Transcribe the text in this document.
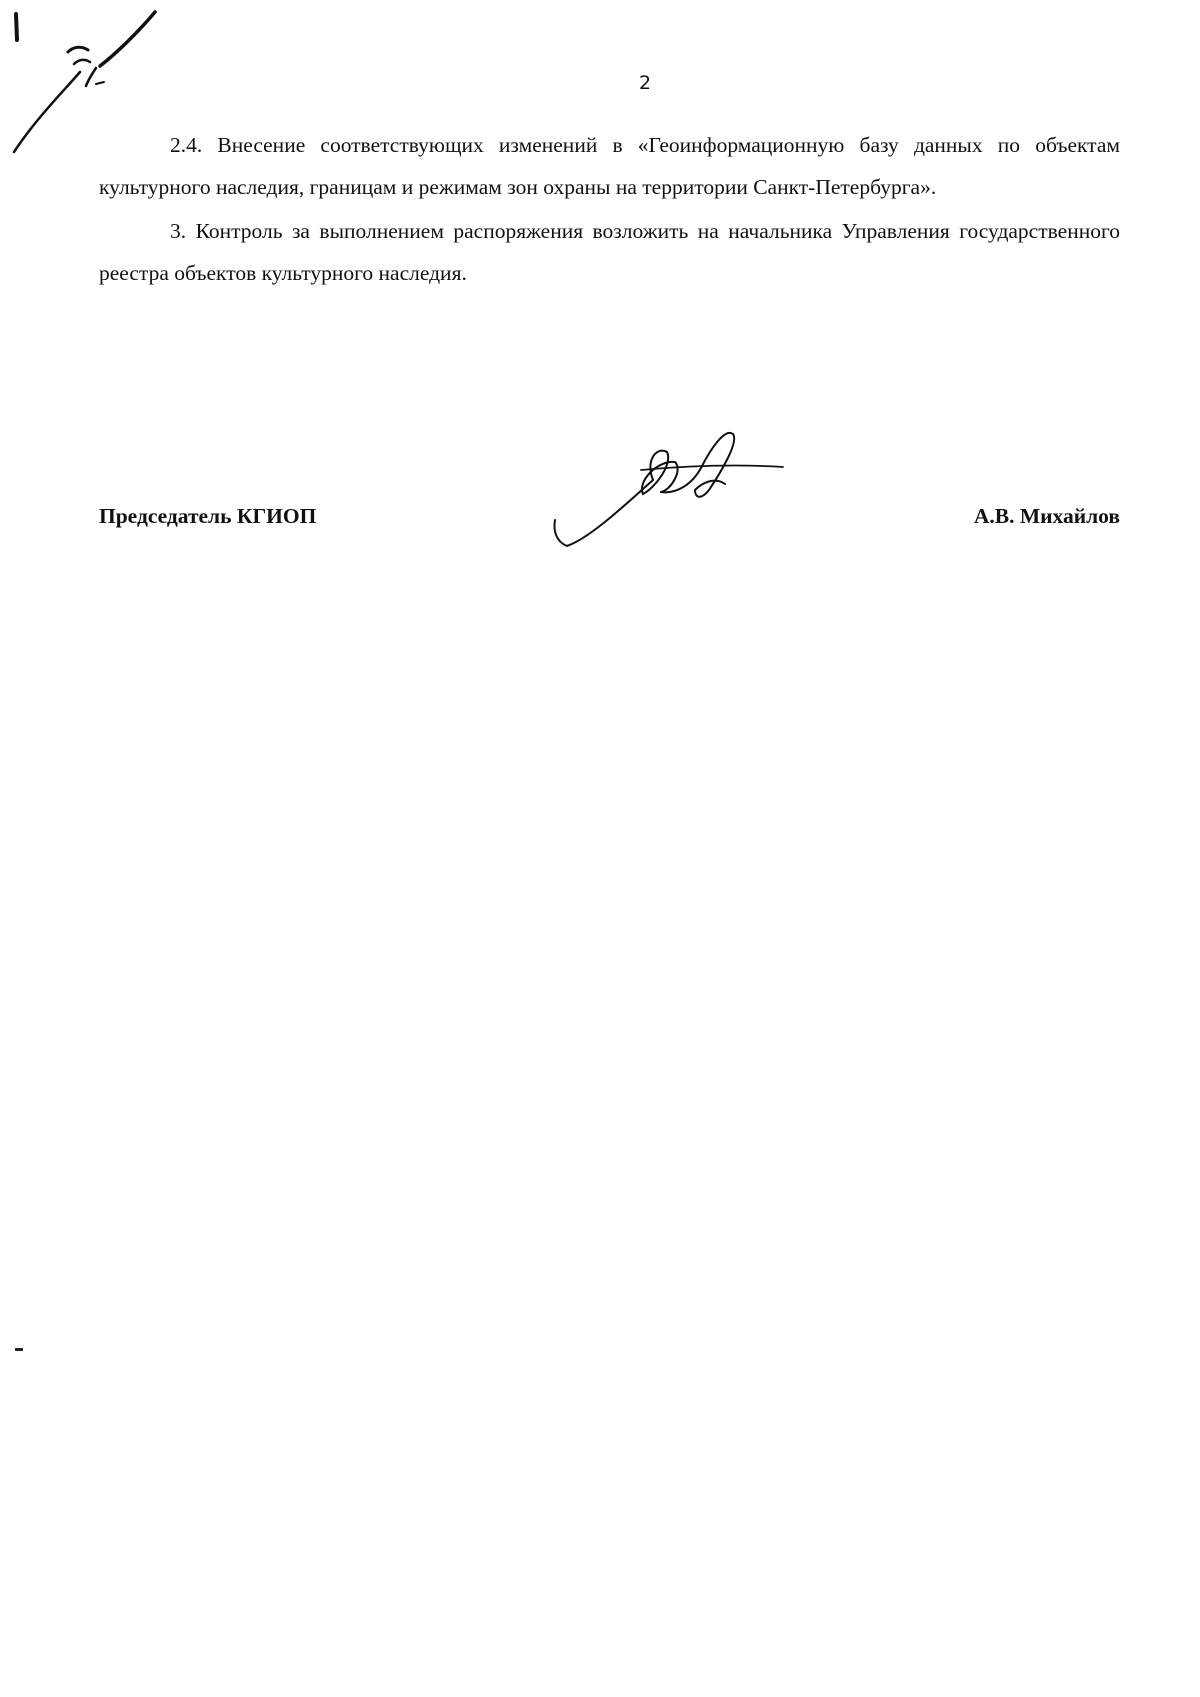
2

2.4. Внесение соответствующих изменений в «Геоинформационную базу данных по объектам культурного наследия, границам и режимам зон охраны на территории Санкт-Петербурга».

3. Контроль за выполнением распоряжения возложить на начальника Управления государственного реестра объектов культурного наследия.

Председатель КГИОП	А.В. Михайлов
